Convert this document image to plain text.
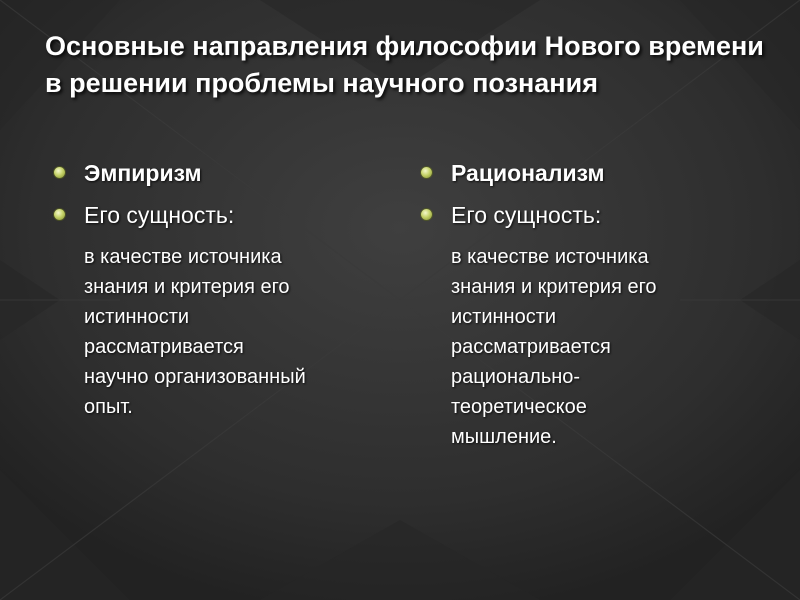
Основные направления философии Нового времени в решении проблемы научного познания
Эмпиризм
Его сущность:
в качестве источника
знания и критерия его
истинности
рассматривается
научно организованный
опыт.
Рационализм
Его сущность:
в качестве источника
знания и критерия его
истинности
рассматривается
рационально-
теоретическое
мышление.
